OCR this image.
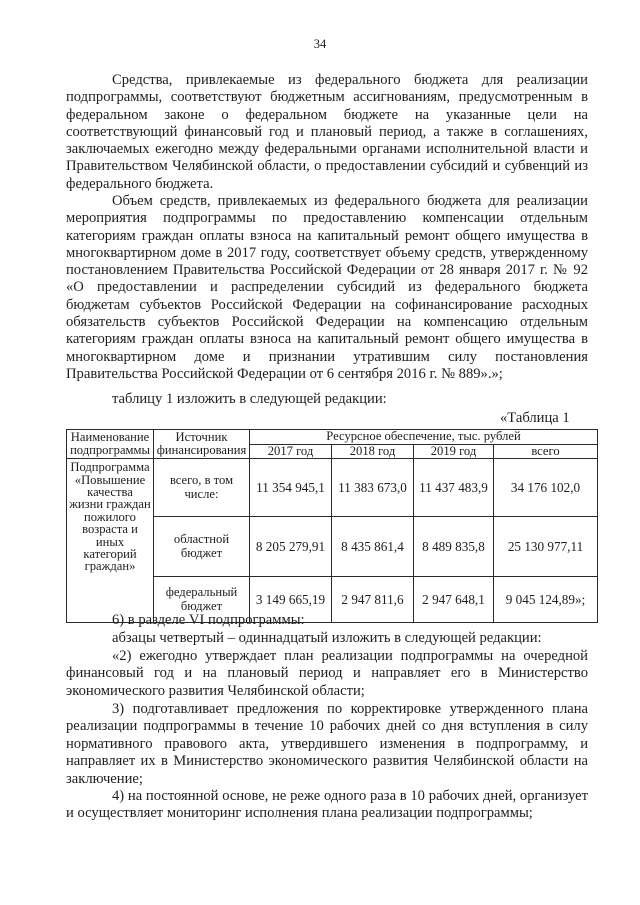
34

Средства, привлекаемые из федерального бюджета для реализации подпрограммы, соответствуют бюджетным ассигнованиям, предусмотренным в федеральном законе о федеральном бюджете на указанные цели на соответствующий финансовый год и плановый период, а также в соглашениях, заключаемых ежегодно между федеральными органами исполнительной власти и Правительством Челябинской области, о предоставлении субсидий и субвенций из федерального бюджета.

Объем средств, привлекаемых из федерального бюджета для реализации мероприятия подпрограммы по предоставлению компенсации отдельным категориям граждан оплаты взноса на капитальный ремонт общего имущества в многоквартирном доме в 2017 году, соответствует объему средств, утвержденному постановлением Правительства Российской Федерации от 28 января 2017 г. № 92 «О предоставлении и распределении субсидий из федерального бюджета бюджетам субъектов Российской Федерации на софинансирование расходных обязательств субъектов Российской Федерации на компенсацию отдельным категориям граждан оплаты взноса на капитальный ремонт общего имущества в многоквартирном доме и признании утратившим силу постановления Правительства Российской Федерации от 6 сентября 2016 г. № 889».»;

таблицу 1 изложить в следующей редакции:

«Таблица 1
Наименование подпрограммы	Источник финансирования	Ресурсное обеспечение, тыс. рублей			
		2017 год	2018 год	2019 год	всего
Подпрограмма «Повышение качества жизни граждан пожилого возраста и иных категорий граждан»	всего, в том числе:	11 354 945,1	11 383 673,0	11 437 483,9	34 176 102,0
	областной бюджет	8 205 279,91	8 435 861,4	8 489 835,8	25 130 977,11
	федеральный бюджет	3 149 665,19	2 947 811,6	2 947 648,1	9 045 124,89»;

6) в разделе VI подпрограммы:

абзацы четвертый – одиннадцатый изложить в следующей редакции:

«2) ежегодно утверждает план реализации подпрограммы на очередной финансовый год и на плановый период и направляет его в Министерство экономического развития Челябинской области;

3) подготавливает предложения по корректировке утвержденного плана реализации подпрограммы в течение 10 рабочих дней со дня вступления в силу нормативного правового акта, утвердившего изменения в подпрограмму, и направляет их в Министерство экономического развития Челябинской области на заключение;

4) на постоянной основе, не реже одного раза в 10 рабочих дней, организует и осуществляет мониторинг исполнения плана реализации подпрограммы;
